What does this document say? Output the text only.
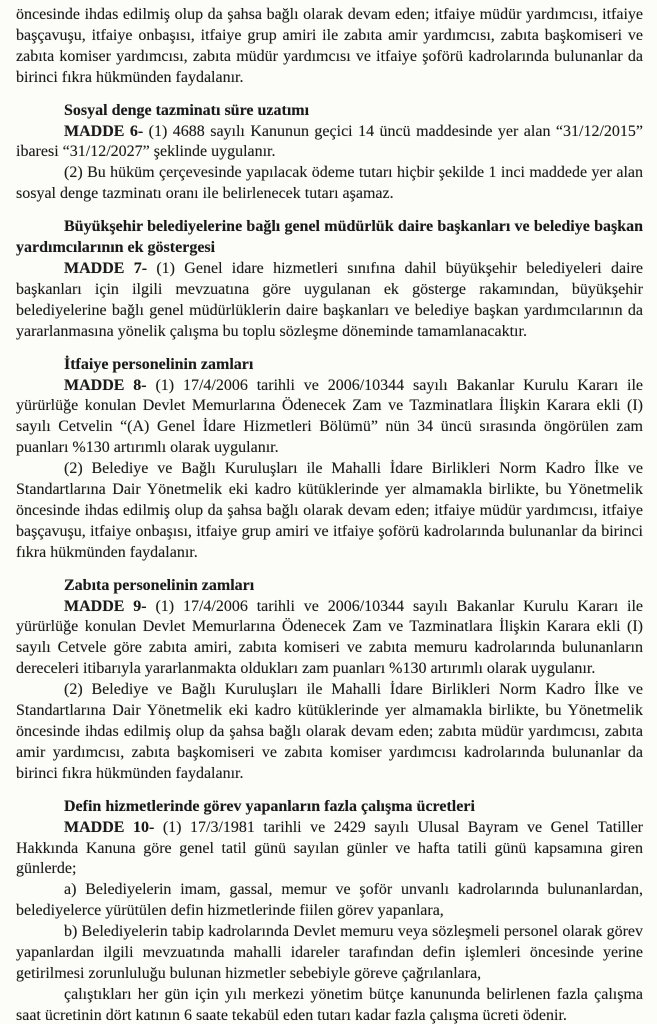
öncesinde ihdas edilmiş olup da şahsa bağlı olarak devam eden; itfaiye müdür yardımcısı, itfaiye başçavuşu, itfaiye onbaşısı, itfaiye grup amiri ile zabıta amir yardımcısı, zabıta başkomiseri ve zabıta komiser yardımcısı, zabıta müdür yardımcısı ve itfaiye şoförü kadrolarında bulunanlar da birinci fıkra hükmünden faydalanır.

Sosyal denge tazminatı süre uzatımı

MADDE 6- (1) 4688 sayılı Kanunun geçici 14 üncü maddesinde yer alan “31/12/2015” ibaresi “31/12/2027” şeklinde uygulanır.

(2) Bu hüküm çerçevesinde yapılacak ödeme tutarı hiçbir şekilde 1 inci maddede yer alan sosyal denge tazminatı oranı ile belirlenecek tutarı aşamaz.

Büyükşehir belediyelerine bağlı genel müdürlük daire başkanları ve belediye başkan yardımcılarının ek göstergesi

MADDE 7- (1) Genel idare hizmetleri sınıfına dahil büyükşehir belediyeleri daire başkanları için ilgili mevzuatına göre uygulanan ek gösterge rakamından, büyükşehir belediyelerine bağlı genel müdürlüklerin daire başkanları ve belediye başkan yardımcılarının da yararlanmasına yönelik çalışma bu toplu sözleşme döneminde tamamlanacaktır.

İtfaiye personelinin zamları

MADDE 8- (1) 17/4/2006 tarihli ve 2006/10344 sayılı Bakanlar Kurulu Kararı ile yürürlüğe konulan Devlet Memurlarına Ödenecek Zam ve Tazminatlara İlişkin Karara ekli (I) sayılı Cetvelin “(A) Genel İdare Hizmetleri Bölümü” nün 34 üncü sırasında öngörülen zam puanları %130 artırımlı olarak uygulanır.

(2) Belediye ve Bağlı Kuruluşları ile Mahalli İdare Birlikleri Norm Kadro İlke ve Standartlarına Dair Yönetmelik eki kadro kütüklerinde yer almamakla birlikte, bu Yönetmelik öncesinde ihdas edilmiş olup da şahsa bağlı olarak devam eden; itfaiye müdür yardımcısı, itfaiye başçavuşu, itfaiye onbaşısı, itfaiye grup amiri ve itfaiye şoförü kadrolarında bulunanlar da birinci fıkra hükmünden faydalanır.

Zabıta personelinin zamları

MADDE 9- (1) 17/4/2006 tarihli ve 2006/10344 sayılı Bakanlar Kurulu Kararı ile yürürlüğe konulan Devlet Memurlarına Ödenecek Zam ve Tazminatlara İlişkin Karara ekli (I) sayılı Cetvele göre zabıta amiri, zabıta komiseri ve zabıta memuru kadrolarında bulunanların dereceleri itibarıyla yararlanmakta oldukları zam puanları %130 artırımlı olarak uygulanır.

(2) Belediye ve Bağlı Kuruluşları ile Mahalli İdare Birlikleri Norm Kadro İlke ve Standartlarına Dair Yönetmelik eki kadro kütüklerinde yer almamakla birlikte, bu Yönetmelik öncesinde ihdas edilmiş olup da şahsa bağlı olarak devam eden; zabıta müdür yardımcısı, zabıta amir yardımcısı, zabıta başkomiseri ve zabıta komiser yardımcısı kadrolarında bulunanlar da birinci fıkra hükmünden faydalanır.

Defin hizmetlerinde görev yapanların fazla çalışma ücretleri

MADDE 10- (1) 17/3/1981 tarihli ve 2429 sayılı Ulusal Bayram ve Genel Tatiller Hakkında Kanuna göre genel tatil günü sayılan günler ve hafta tatili günü kapsamına giren günlerde;

a) Belediyelerin imam, gassal, memur ve şoför unvanlı kadrolarında bulunanlardan, belediyelerce yürütülen defin hizmetlerinde fiilen görev yapanlara,

b) Belediyelerin tabip kadrolarında Devlet memuru veya sözleşmeli personel olarak görev yapanlardan ilgili mevzuatında mahalli idareler tarafından defin işlemleri öncesinde yerine getirilmesi zorunluluğu bulunan hizmetler sebebiyle göreve çağrılanlara,

çalıştıkları her gün için yılı merkezi yönetim bütçe kanununda belirlenen fazla çalışma saat ücretinin dört katının 6 saate tekabül eden tutarı kadar fazla çalışma ücreti ödenir.
